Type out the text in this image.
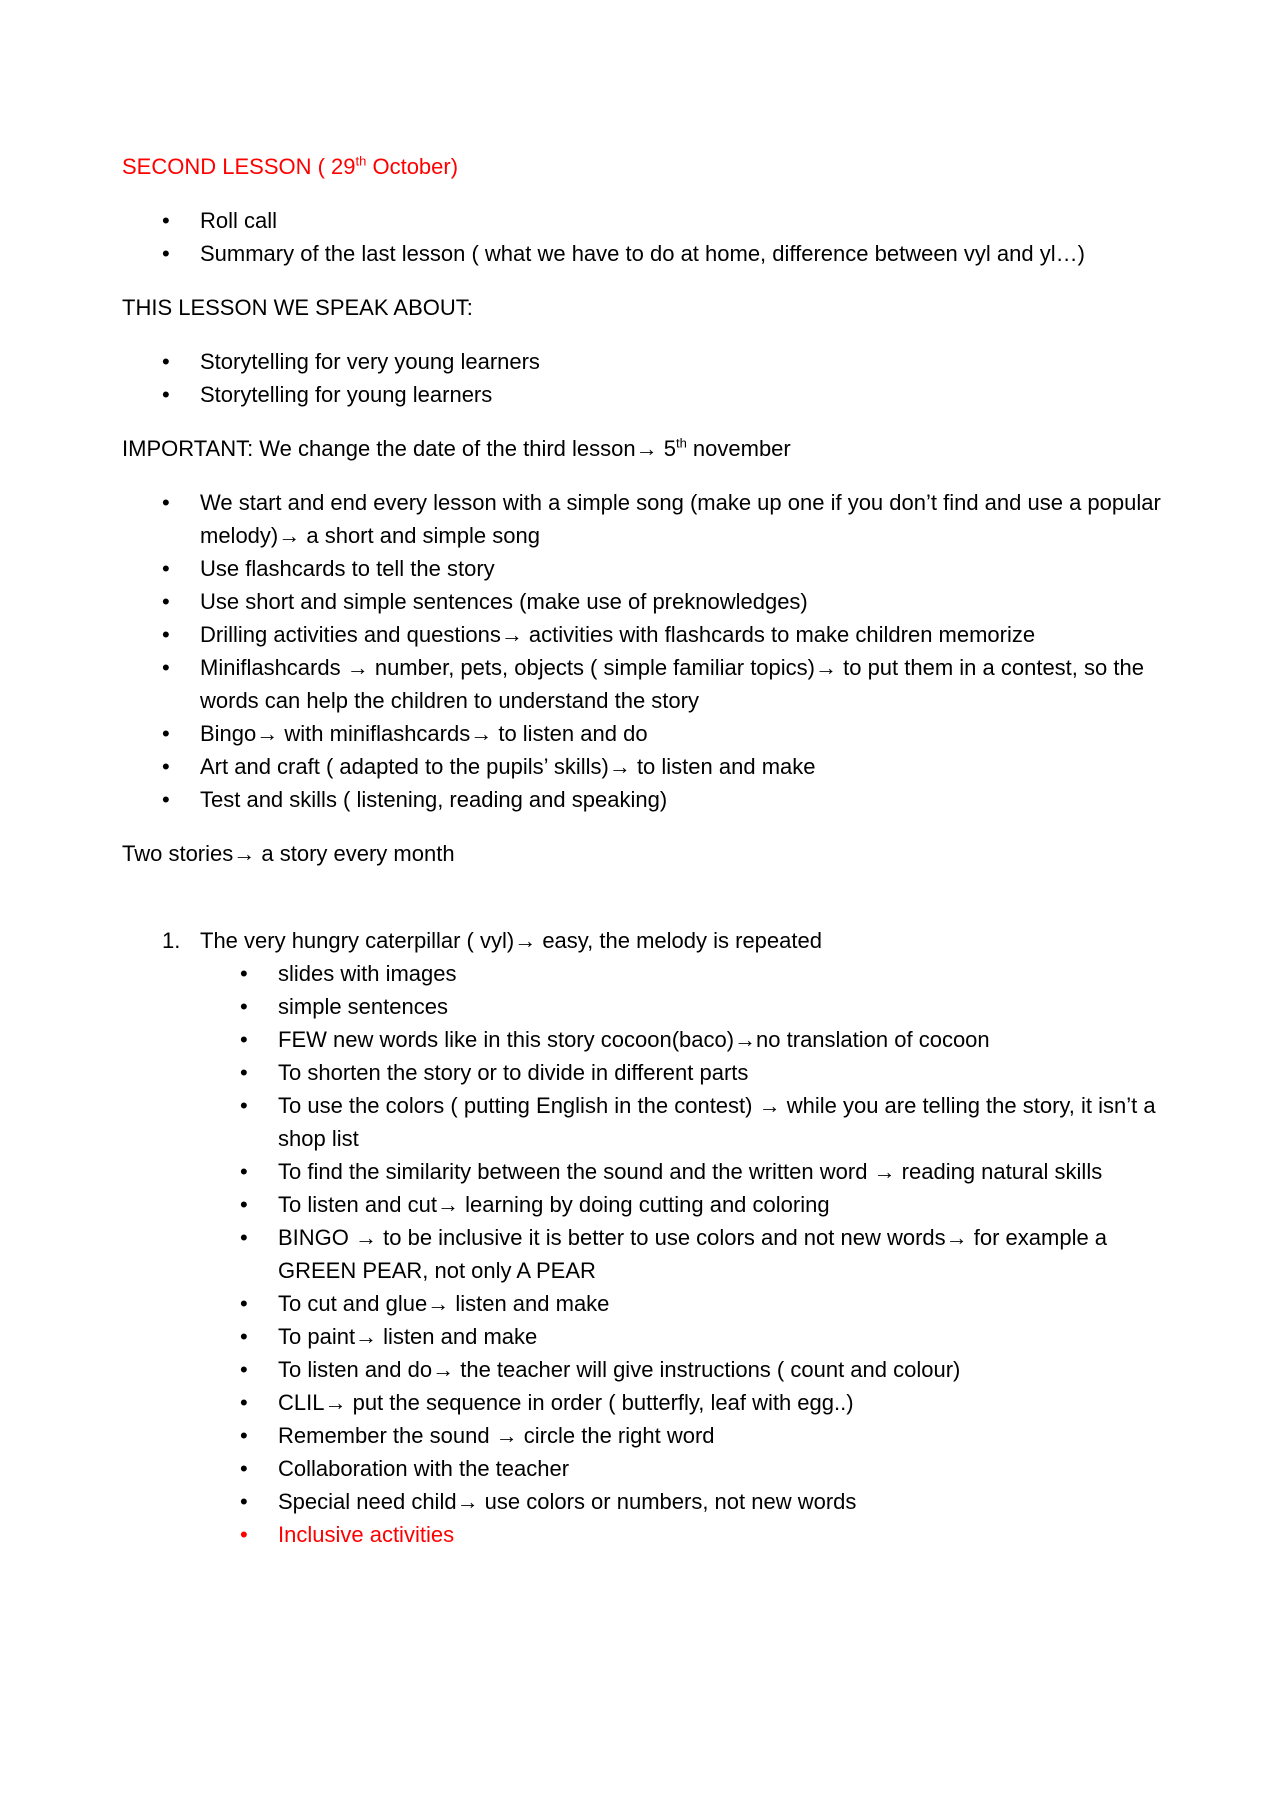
SECOND LESSON ( 29th October)

• Roll call
• Summary of the last lesson ( what we have to do at home, difference between vyl and yl…)

THIS LESSON WE SPEAK ABOUT:

• Storytelling for very young learners
• Storytelling for young learners

IMPORTANT: We change the date of the third lesson→ 5th november

• We start and end every lesson with a simple song (make up one if you don’t find and use a popular melody)→ a short and simple song
• Use flashcards to tell the story
• Use short and simple sentences (make use of preknowledges)
• Drilling activities and questions→ activities with flashcards to make children memorize
• Miniflashcards → number, pets, objects ( simple familiar topics)→ to put them in a contest, so the words can help the children to understand the story
• Bingo→ with miniflashcards→ to listen and do
• Art and craft ( adapted to the pupils’ skills)→ to listen and make
• Test and skills ( listening, reading and speaking)

Two stories→ a story every month

1. The very hungry caterpillar ( vyl)→ easy, the melody is repeated
• slides with images
• simple sentences
• FEW new words like in this story cocoon(baco)→no translation of cocoon
• To shorten the story or to divide in different parts
• To use the colors ( putting English in the contest) → while you are telling the story, it isn’t a shop list
• To find the similarity between the sound and the written word → reading natural skills
• To listen and cut→ learning by doing cutting and coloring
• BINGO → to be inclusive it is better to use colors and not new words→ for example a GREEN PEAR, not only A PEAR
• To cut and glue→ listen and make
• To paint→ listen and make
• To listen and do→ the teacher will give instructions ( count and colour)
• CLIL→ put the sequence in order ( butterfly, leaf with egg..)
• Remember the sound → circle the right word
• Collaboration with the teacher
• Special need child→ use colors or numbers, not new words
• Inclusive activities
